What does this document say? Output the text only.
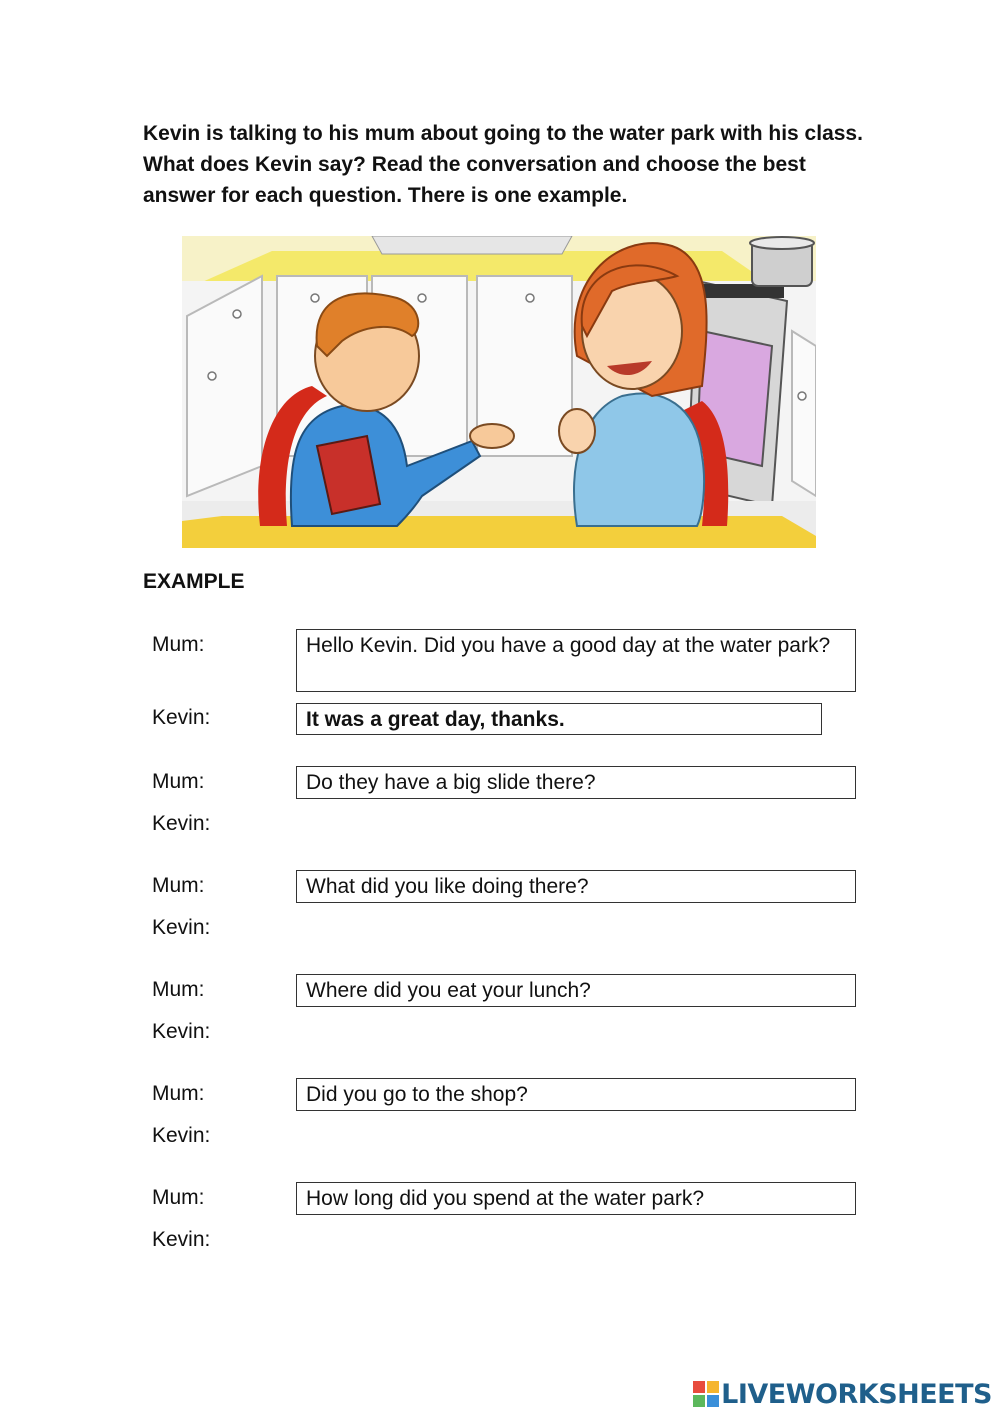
Kevin is talking to his mum about going to the water park with his class. What does Kevin say? Read the conversation and choose the best answer for each question. There is one example.
EXAMPLE
Mum:	Hello Kevin. Did you have a good day at the water park?
Kevin:	It was a great day, thanks.
Mum:	Do they have a big slide there?
Kevin:
Mum:	What did you like doing there?
Kevin:
Mum:	Where did you eat your lunch?
Kevin:
Mum:	Did you go to the shop?
Kevin:
Mum:	How long did you spend at the water park?
Kevin:
LIVEWORKSHEETS
